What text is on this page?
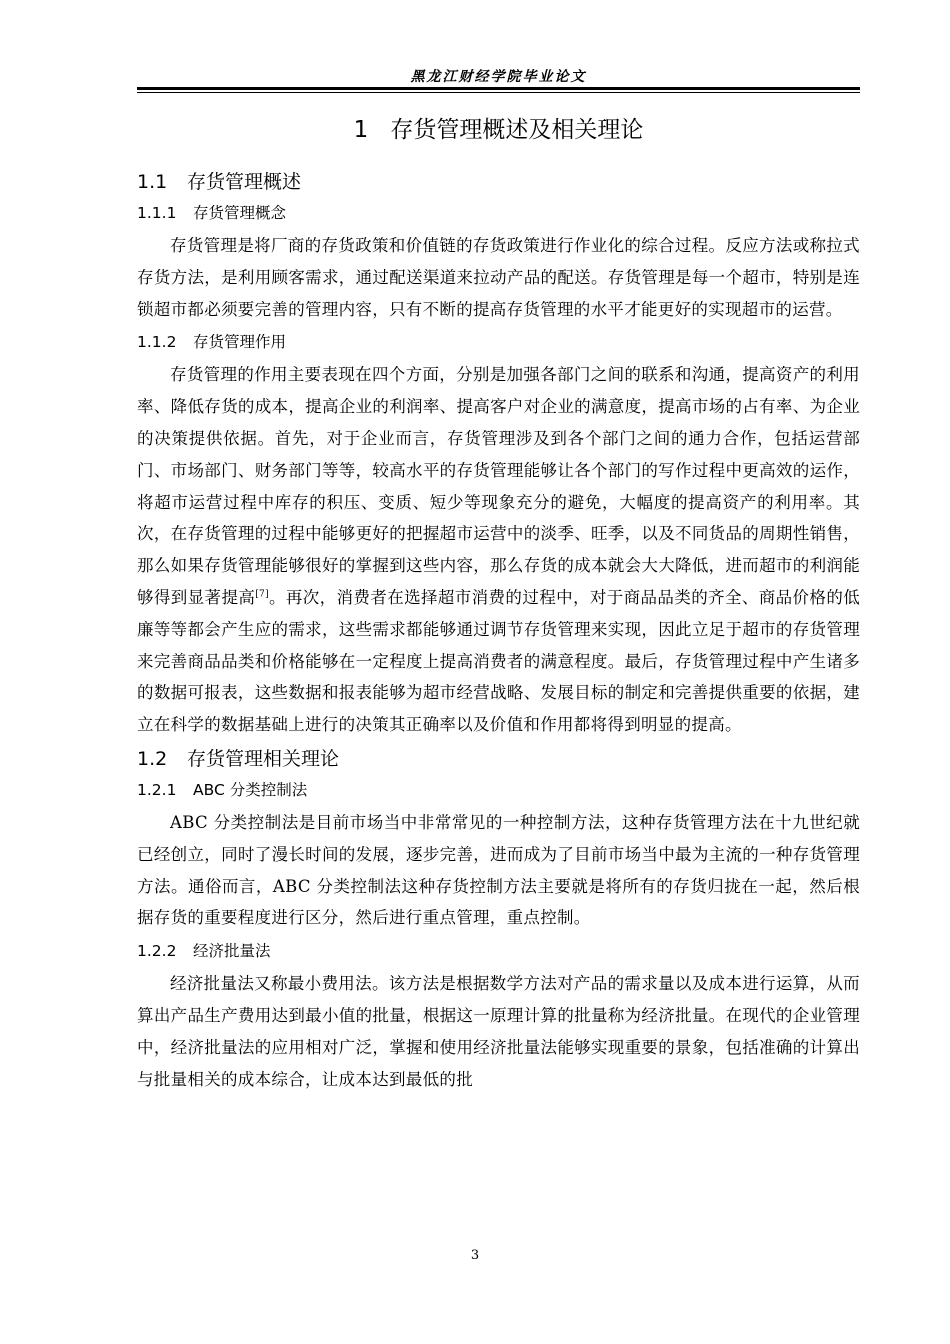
黑龙江财经学院毕业论文
1 存货管理概述及相关理论
1.1 存货管理概述
1.1.1 存货管理概念

存货管理是将厂商的存货政策和价值链的存货政策进行作业化的综合过程。反应方法或称拉式存货方法，是利用顾客需求，通过配送渠道来拉动产品的配送。存货管理是每一个超市，特别是连锁超市都必须要完善的管理内容，只有不断的提高存货管理的水平才能更好的实现超市的运营。

1.1.2 存货管理作用

存货管理的作用主要表现在四个方面，分别是加强各部门之间的联系和沟通，提高资产的利用率、降低存货的成本，提高企业的利润率、提高客户对企业的满意度，提高市场的占有率、为企业的决策提供依据。首先，对于企业而言，存货管理涉及到各个部门之间的通力合作，包括运营部门、市场部门、财务部门等等，较高水平的存货管理能够让各个部门的写作过程中更高效的运作，将超市运营过程中库存的积压、变质、短少等现象充分的避免，大幅度的提高资产的利用率。其次，在存货管理的过程中能够更好的把握超市运营中的淡季、旺季，以及不同货品的周期性销售，那么如果存货管理能够很好的掌握到这些内容，那么存货的成本就会大大降低，进而超市的利润能够得到显著提高[7]。再次，消费者在选择超市消费的过程中，对于商品品类的齐全、商品价格的低廉等等都会产生应的需求，这些需求都能够通过调节存货管理来实现，因此立足于超市的存货管理来完善商品品类和价格能够在一定程度上提高消费者的满意程度。最后，存货管理过程中产生诸多的数据可报表，这些数据和报表能够为超市经营战略、发展目标的制定和完善提供重要的依据，建立在科学的数据基础上进行的决策其正确率以及价值和作用都将得到明显的提高。

1.2 存货管理相关理论
1.2.1 ABC 分类控制法

ABC 分类控制法是目前市场当中非常常见的一种控制方法，这种存货管理方法在十九世纪就已经创立，同时了漫长时间的发展，逐步完善，进而成为了目前市场当中最为主流的一种存货管理方法。通俗而言，ABC 分类控制法这种存货控制方法主要就是将所有的存货归拢在一起，然后根据存货的重要程度进行区分，然后进行重点管理，重点控制。

1.2.2 经济批量法

经济批量法又称最小费用法。该方法是根据数学方法对产品的需求量以及成本进行运算，从而算出产品生产费用达到最小值的批量，根据这一原理计算的批量称为经济批量。在现代的企业管理中，经济批量法的应用相对广泛，掌握和使用经济批量法能够实现重要的景象，包括准确的计算出与批量相关的成本综合，让成本达到最低的批

3
